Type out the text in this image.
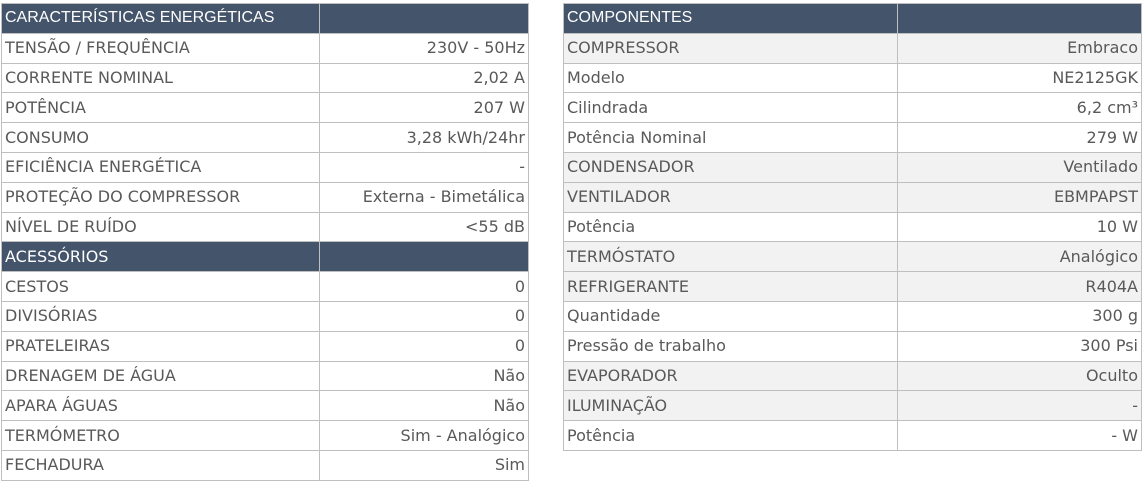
CARACTERÍSTICAS ENERGÉTICAS	
TENSÃO / FREQUÊNCIA	230V - 50Hz
CORRENTE NOMINAL	2,02 A
POTÊNCIA	207 W
CONSUMO	3,28 kWh/24hr
EFICIÊNCIA ENERGÉTICA	-
PROTEÇÃO DO COMPRESSOR	Externa - Bimetálica
NÍVEL DE RUÍDO	<55 dB
ACESSÓRIOS	
CESTOS	0
DIVISÓRIAS	0
PRATELEIRAS	0
DRENAGEM DE ÁGUA	Não
APARA ÁGUAS	Não
TERMÓMETRO	Sim - Analógico
FECHADURA	Sim
COMPONENTES	
COMPRESSOR	Embraco
Modelo	NE2125GK
Cilindrada	6,2 cm³
Potência Nominal	279 W
CONDENSADOR	Ventilado
VENTILADOR	EBMPAPST
Potência	10 W
TERMÓSTATO	Analógico
REFRIGERANTE	R404A
Quantidade	300 g
Pressão de trabalho	300 Psi
EVAPORADOR	Oculto
ILUMINAÇÃO	-
Potência	- W
